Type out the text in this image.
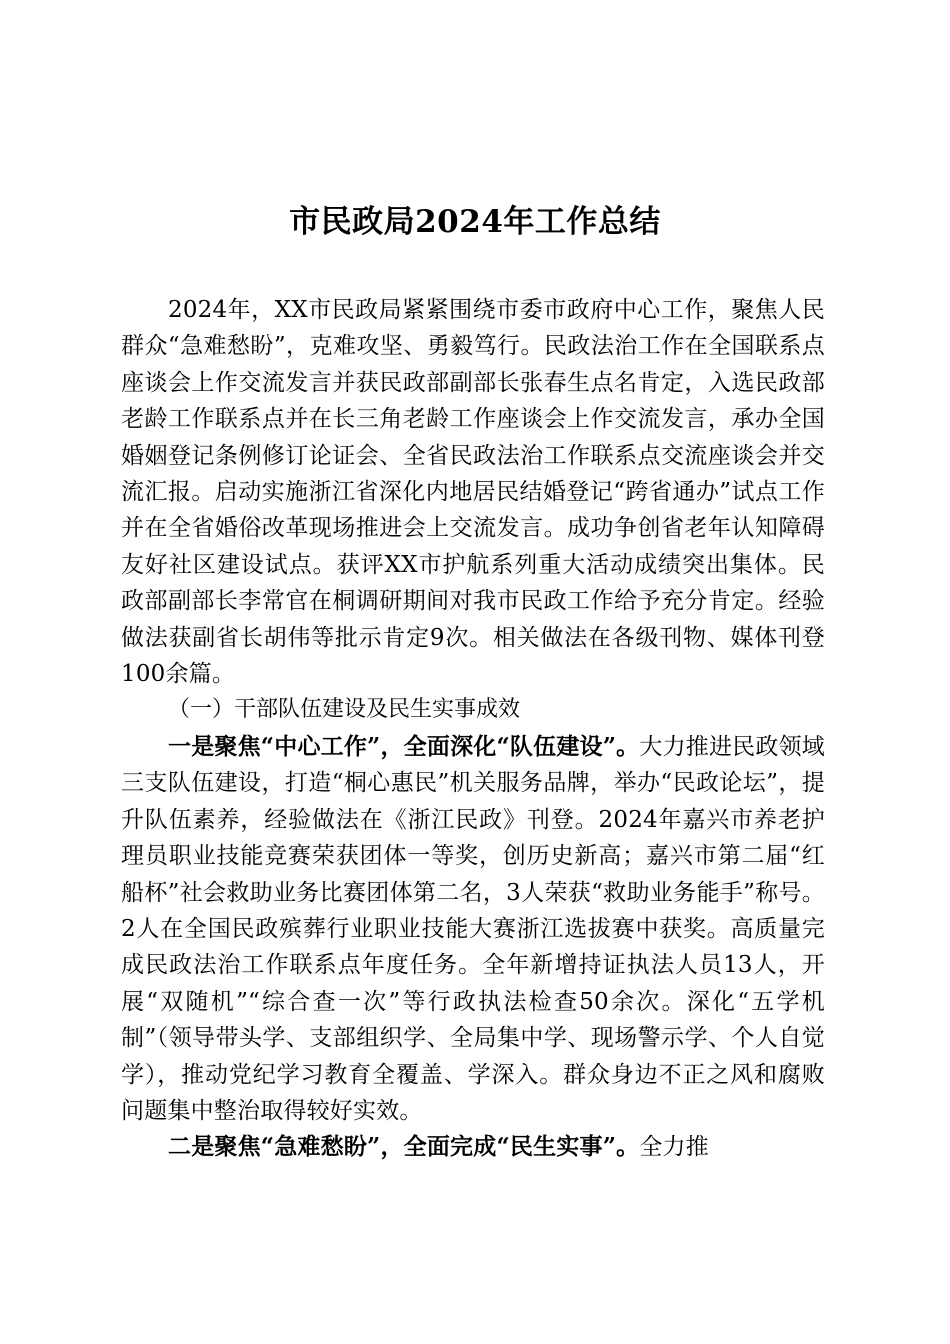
市民政局2024年工作总结

2024年，XX市民政局紧紧围绕市委市政府中心工作，聚焦人民群众“急难愁盼”，克难攻坚、勇毅笃行。民政法治工作在全国联系点座谈会上作交流发言并获民政部副部长张春生点名肯定，入选民政部老龄工作联系点并在长三角老龄工作座谈会上作交流发言，承办全国婚姻登记条例修订论证会、全省民政法治工作联系点交流座谈会并交流汇报。启动实施浙江省深化内地居民结婚登记“跨省通办”试点工作并在全省婚俗改革现场推进会上交流发言。成功争创省老年认知障碍友好社区建设试点。获评XX市护航系列重大活动成绩突出集体。民政部副部长李常官在桐调研期间对我市民政工作给予充分肯定。经验做法获副省长胡伟等批示肯定9次。相关做法在各级刊物、媒体刊登100余篇。

（一）干部队伍建设及民生实事成效

一是聚焦“中心工作”，全面深化“队伍建设”。大力推进民政领域三支队伍建设，打造“桐心惠民”机关服务品牌，举办“民政论坛”，提升队伍素养，经验做法在《浙江民政》刊登。2024年嘉兴市养老护理员职业技能竞赛荣获团体一等奖，创历史新高；嘉兴市第二届“红船杯”社会救助业务比赛团体第二名，3人荣获“救助业务能手”称号。2人在全国民政殡葬行业职业技能大赛浙江选拔赛中获奖。高质量完成民政法治工作联系点年度任务。全年新增持证执法人员13人，开展“双随机”“综合查一次”等行政执法检查50余次。深化“五学机制”（领导带头学、支部组织学、全局集中学、现场警示学、个人自觉学），推动党纪学习教育全覆盖、学深入。群众身边不正之风和腐败问题集中整治取得较好实效。

二是聚焦“急难愁盼”，全面完成“民生实事”。全力推
